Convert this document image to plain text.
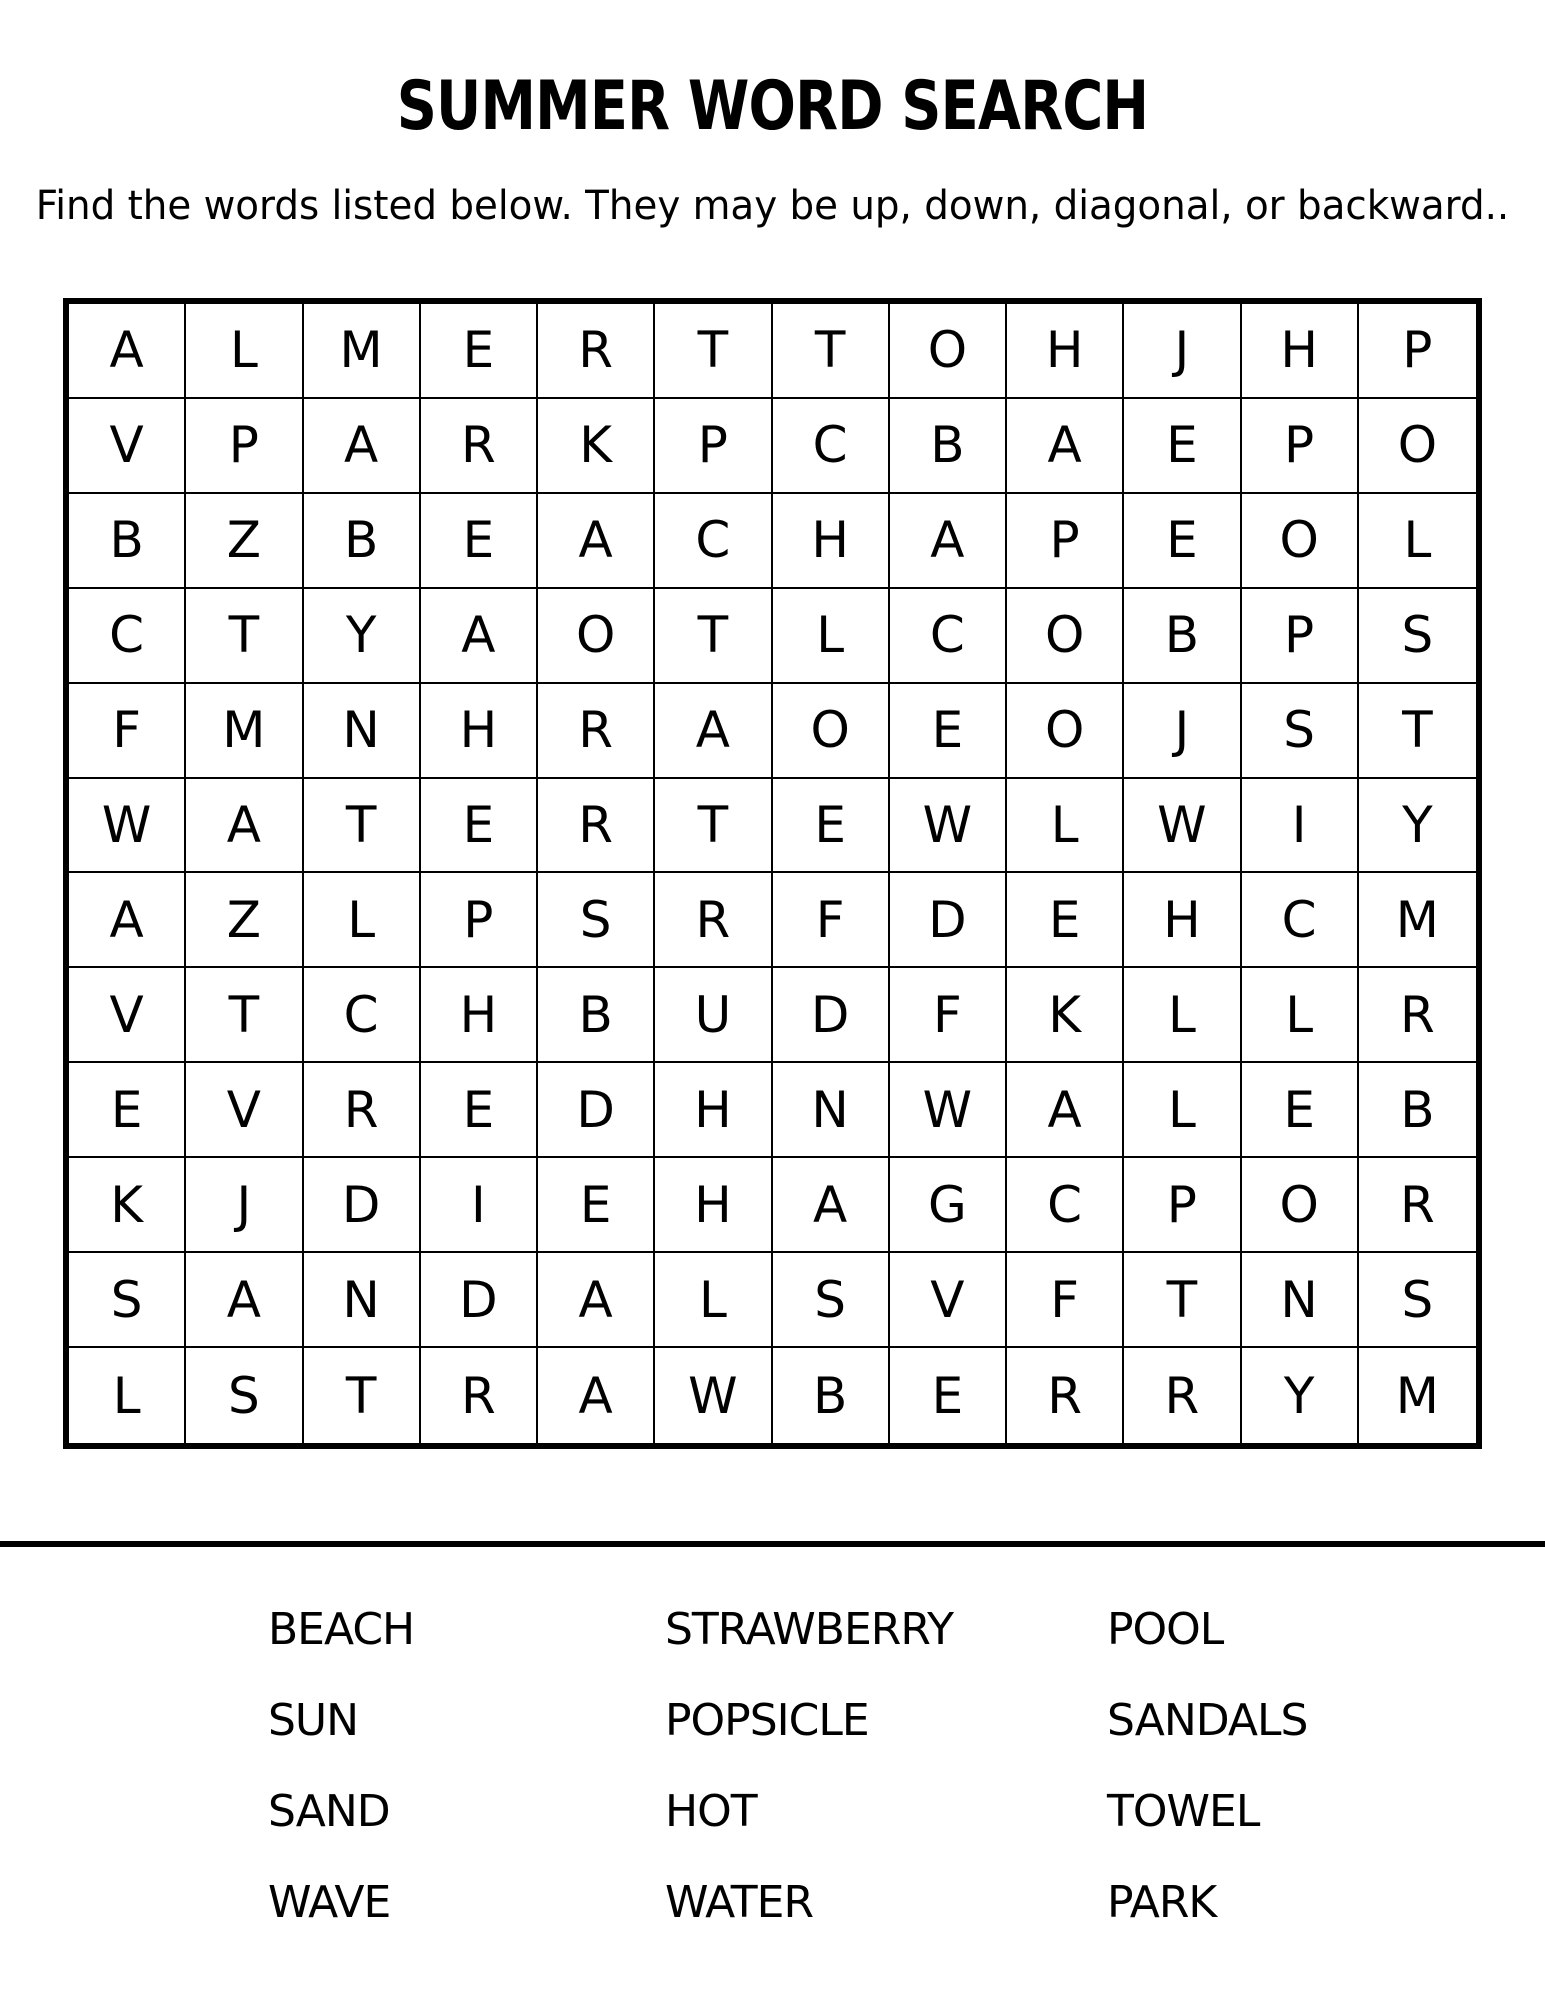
SUMMER WORD SEARCH

Find the words listed below. They may be up, down, diagonal, or backward..

A	L	M	E	R	T	T	O	H	J	H	P
V	P	A	R	K	P	C	B	A	E	P	O
B	Z	B	E	A	C	H	A	P	E	O	L
C	T	Y	A	O	T	L	C	O	B	P	S
F	M	N	H	R	A	O	E	O	J	S	T
W	A	T	E	R	T	E	W	L	W	I	Y
A	Z	L	P	S	R	F	D	E	H	C	M
V	T	C	H	B	U	D	F	K	L	L	R
E	V	R	E	D	H	N	W	A	L	E	B
K	J	D	I	E	H	A	G	C	P	O	R
S	A	N	D	A	L	S	V	F	T	N	S
L	S	T	R	A	W	B	E	R	R	Y	M
BEACH
SUN
SAND
WAVE
STRAWBERRY
POPSICLE
HOT
WATER
POOL
SANDALS
TOWEL
PARK
